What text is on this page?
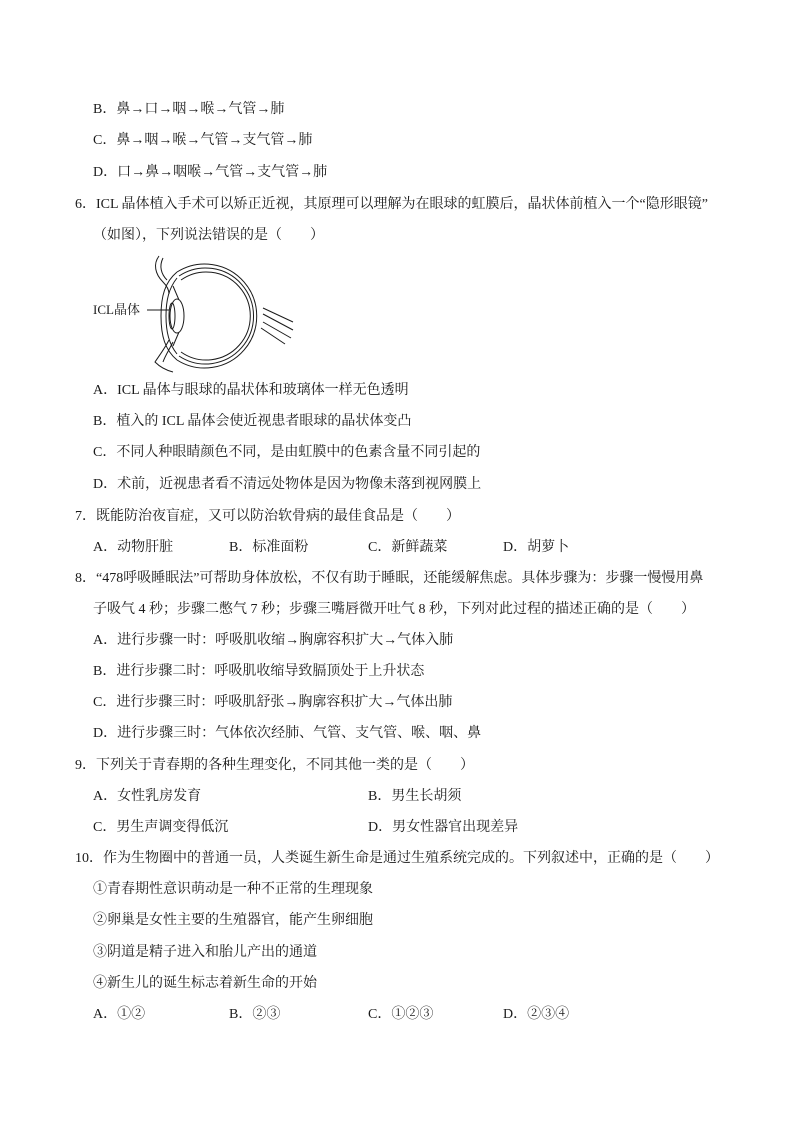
B．鼻→口→咽→喉→气管→肺
C．鼻→咽→喉→气管→支气管→肺
D．口→鼻→咽喉→气管→支气管→肺
6．ICL 晶体植入手术可以矫正近视，其原理可以理解为在眼球的虹膜后，晶状体前植入一个“隐形眼镜”
（如图），下列说法错误的是（　　）
ICL晶体
A．ICL 晶体与眼球的晶状体和玻璃体一样无色透明
B．植入的 ICL 晶体会使近视患者眼球的晶状体变凸
C．不同人种眼睛颜色不同，是由虹膜中的色素含量不同引起的
D．术前，近视患者看不清远处物体是因为物像未落到视网膜上
7．既能防治夜盲症，又可以防治软骨病的最佳食品是（　　）
A．动物肝脏	B．标准面粉	C．新鲜蔬菜	D．胡萝卜
8．“478呼吸睡眠法”可帮助身体放松，不仅有助于睡眠，还能缓解焦虑。具体步骤为：步骤一慢慢用鼻
子吸气 4 秒；步骤二憋气 7 秒；步骤三嘴唇微开吐气 8 秒，下列对此过程的描述正确的是（　　）
A．进行步骤一时：呼吸肌收缩→胸廓容积扩大→气体入肺
B．进行步骤二时：呼吸肌收缩导致膈顶处于上升状态
C．进行步骤三时：呼吸肌舒张→胸廓容积扩大→气体出肺
D．进行步骤三时：气体依次经肺、气管、支气管、喉、咽、鼻
9．下列关于青春期的各种生理变化，不同其他一类的是（　　）
A．女性乳房发育	B．男生长胡须
C．男生声调变得低沉	D．男女性器官出现差异
10．作为生物圈中的普通一员，人类诞生新生命是通过生殖系统完成的。下列叙述中，正确的是（　　）
①青春期性意识萌动是一种不正常的生理现象
②卵巢是女性主要的生殖器官，能产生卵细胞
③阴道是精子进入和胎儿产出的通道
④新生儿的诞生标志着新生命的开始
A．①②	B．②③	C．①②③	D．②③④
